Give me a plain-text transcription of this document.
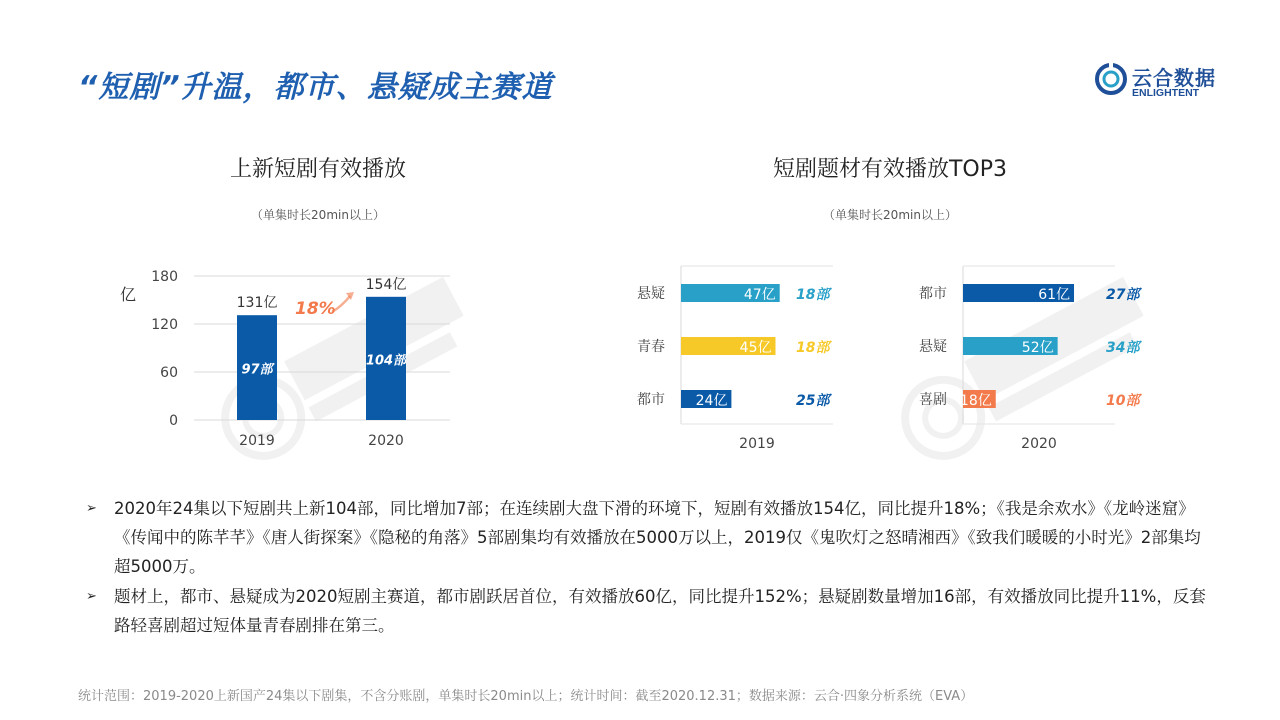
“短剧”升温，都市、悬疑成主赛道	云合数据
ENLIGHTENT
上新短剧有效播放
（单集时长20min以上）
0
60
120
180
亿	131亿
97部
2019
154亿
104部
2020
18%
短剧题材有效播放TOP3
（单集时长20min以上）
悬疑	47亿 18部
青春	45亿 18部
都市 24亿	25部
2019
都市	61亿	27部
悬疑	52亿	34部
喜剧 18亿	10部
2020
➢ 2020年24集以下短剧共上新104部，同比增加7部；在连续剧大盘下滑的环境下，短剧有效播放154亿，同比提升18%；《我是余欢水》《龙岭迷窟》《传闻中的陈芊芊》《唐人街探案》《隐秘的角落》5部剧集均有效播放在5000万以上，2019仅《鬼吹灯之怒晴湘西》《致我们暖暖的小时光》2部集均超5000万。
➢ 题材上，都市、悬疑成为2020短剧主赛道，都市剧跃居首位，有效播放60亿，同比提升152%；悬疑剧数量增加16部，有效播放同比提升11%，反套路轻喜剧超过短体量青春剧排在第三。
统计范围：2019-2020上新国产24集以下剧集，不含分账剧，单集时长20min以上；统计时间：截至2020.12.31；数据来源：云合·四象分析系统（EVA）
